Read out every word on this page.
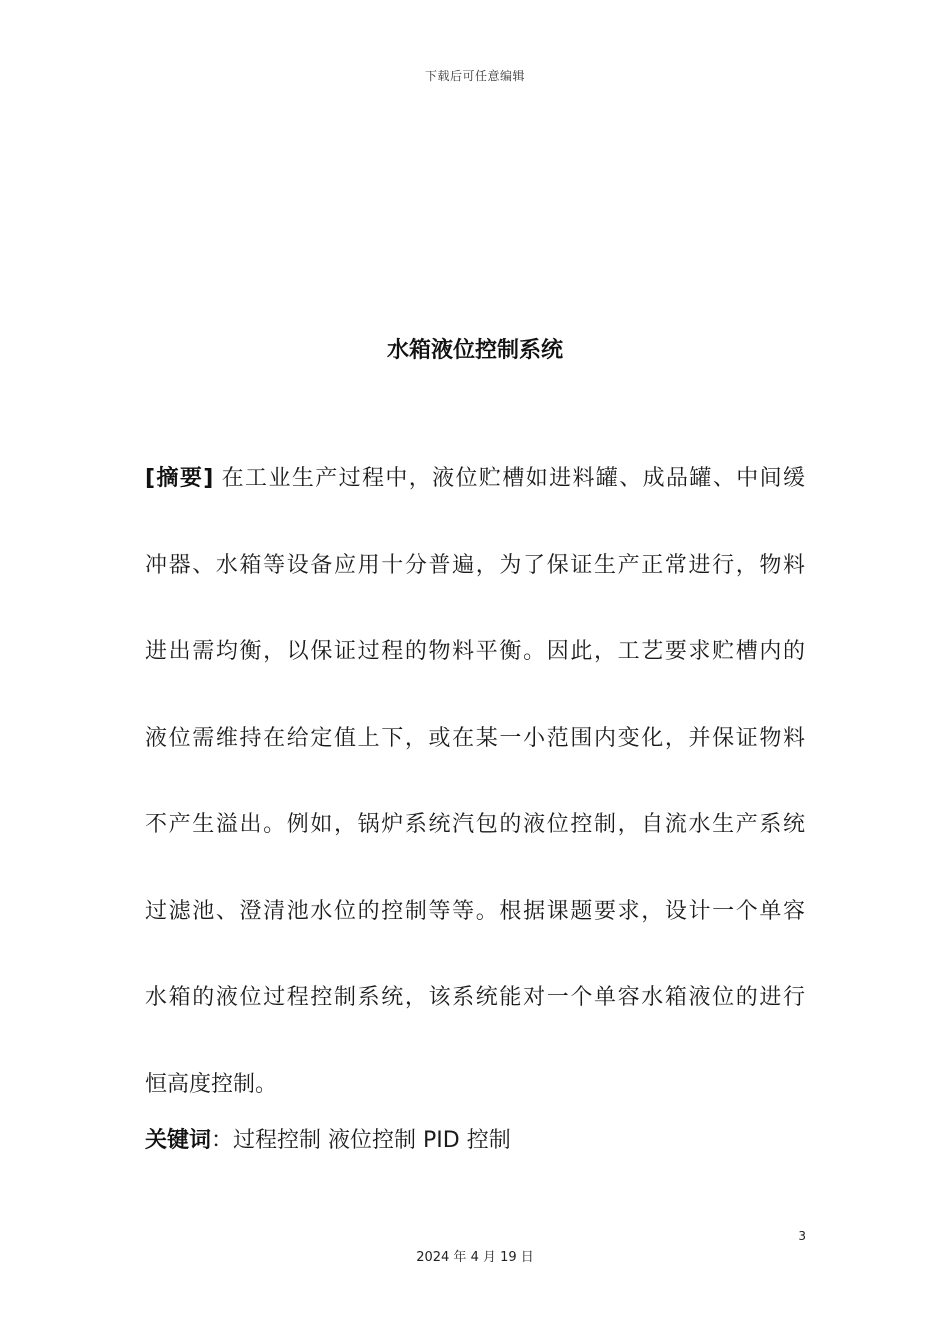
下载后可任意编辑
水箱液位控制系统
[摘要] 在工业生产过程中，液位贮槽如进料罐、成品罐、中间缓
冲器、水箱等设备应用十分普遍，为了保证生产正常进行，物料
进出需均衡，以保证过程的物料平衡。因此，工艺要求贮槽内的
液位需维持在给定值上下，或在某一小范围内变化，并保证物料
不产生溢出。例如，锅炉系统汽包的液位控制，自流水生产系统
过滤池、澄清池水位的控制等等。根据课题要求，设计一个单容
水箱的液位过程控制系统，该系统能对一个单容水箱液位的进行
恒高度控制。
关键词：过程控制 液位控制 PID 控制
3
2024 年 4 月 19 日
